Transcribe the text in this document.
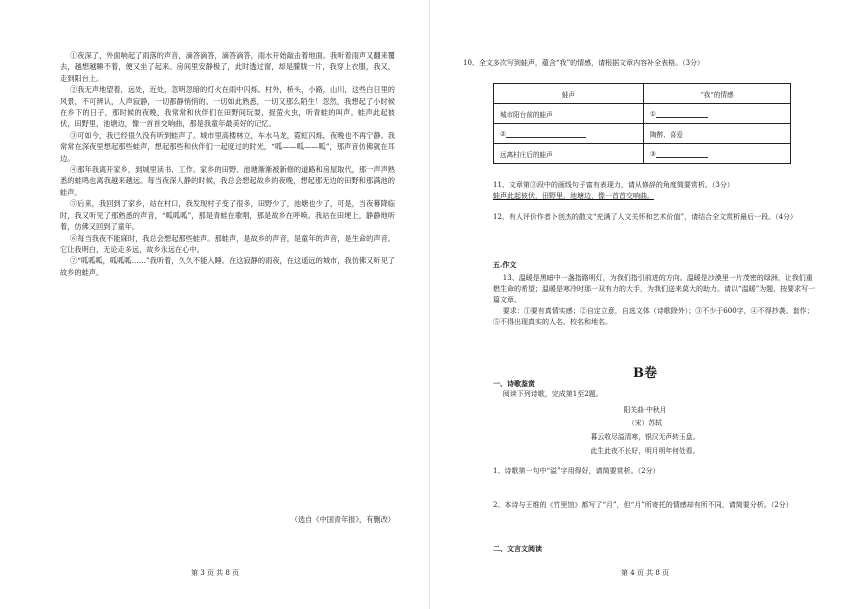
①夜深了，外面响起了雨落的声音，滴答滴答，滴答滴答，雨水开始敲击着地面。我听着雨声又翻来覆去，越想越睡不着，便又坐了起来。房间里安静极了，此时透过窗，却是朦胧一片，我穿上衣服，我又，走到阳台上。

②我无声地望着，远处，近处，忽明忽暗的灯火在雨中闪烁。村外，桥头，小路，山川，这些白日里的风景，不可辨认，人声寂静，一切都静悄悄的。一切如此熟悉，一切又那么陌生！忽然，我想起了小时候在乡下的日子，那时候的夜晚，我常常和伙伴们在田野间玩耍，捉萤火虫，听青蛙的叫声。蛙声此起彼伏，田野里，池塘边，像一首首交响曲，那是我童年最美好的记忆。

③可如今，我已经很久没有听到蛙声了。城市里高楼林立，车水马龙，霓虹闪烁，夜晚也不再宁静。我常常在深夜里想起那些蛙声，想起那些和伙伴们一起度过的时光，“呱——呱——呱”，那声音仿佛就在耳边。

④那年我离开家乡，到城里读书、工作。家乡的田野、池塘渐渐被新修的道路和房屋取代，那一声声熟悉的蛙鸣也离我越来越远。每当夜深人静的时候，我总会想起故乡的夜晚，想起那无边的田野和那满池的蛙声。

⑤后来，我回到了家乡，站在村口，我发现村子变了很多，田野少了，池塘也少了，可是，当夜幕降临时，我又听见了那熟悉的声音，“呱呱呱”，那是青蛙在歌唱，那是故乡在呼唤。我站在田埂上，静静地听着，仿佛又回到了童年。

⑥每当我夜不能寐时，我总会想起那些蛙声。那蛙声，是故乡的声音，是童年的声音，是生命的声音。它让我明白，无论走多远，故乡永远在心中。

⑦“呱呱呱，呱呱呱……”我听着，久久不能入睡。在这寂静的雨夜，在这遥远的城市，我仿佛又听见了故乡的蛙声。

（选自《中国青年报》，有删改）
第 3 页 共 8 页

10、全文多次写到蛙声，蕴含“我”的情感，请根据文章内容补全表格。（3分）

蛙声	“我”的情感
城市阳台前的蛙声	①
②	陶醉、喜爱
远离村庄后的蛙声	③

11、文章第③段中的画线句子富有表现力，请从修辞的角度简要赏析。（3分）

蛙声此起彼伏，田野里，池塘边，像一首首交响曲。

12、有人评价作者卜创杰的散文“充满了人文关怀和艺术价值”，请结合全文赏析最后一段。（4分）

五.作文

13、温暖是黑暗中一盏指路明灯，为我们指引前进的方向。温暖是沙漠里一片茂密的绿洲，让我们重燃生命的希望；温暖是寒冷时那一双有力的大手，为我们送来莫大的助力。请以“温暖”为题，按要求写一篇文章。

要求：①要有真情实感；②自定立意，自选文体（诗歌除外）；③不少于600字，④不得抄袭、套作；⑤不得出现真实的人名、校名和地名。

B卷

一、诗歌鉴赏

阅读下列诗歌，完成第1至2题。

阳关曲·中秋月
（宋）苏轼
暮云收尽溢清寒，银汉无声转玉盘。
此生此夜不长好，明月明年何处看。

1、诗歌第一句中“溢”字用得好，请简要赏析。（2分）

2、本诗与王维的《竹里馆》都写了“月”，但“月”所寄托的情感却有所不同，请简要分析。（2分）

二、文言文阅读

第 4 页 共 8 页
